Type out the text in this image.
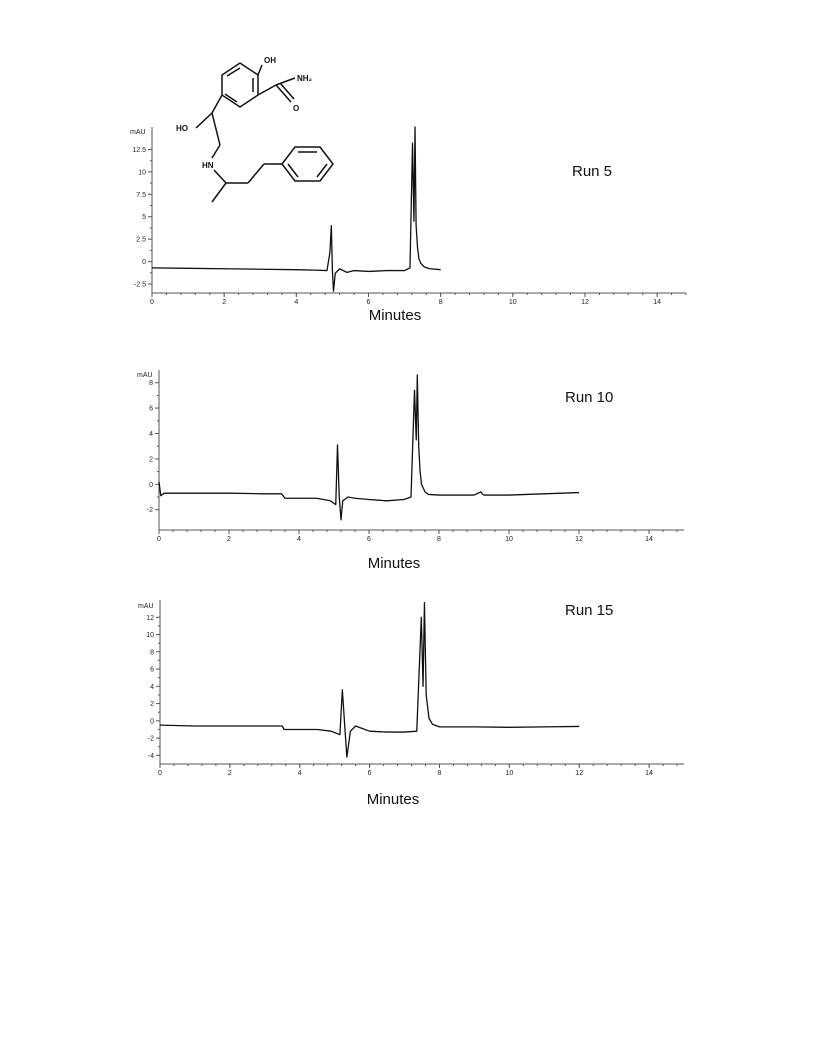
OH
NH₂
O
HO
HN
mAU
-2.5
0
2.5
5
7.5
10
12.5
0	2	4	6	8	10	12	14
Minutes
Run 5
mAU
-2
0
2
4
6
8
0	2	4	6	8	10	12	14
Minutes
Run 10
mAU
-4
-2
0
2
4
6
8
10
12
0	2	4	6	8	10	12	14
Minutes
Run 15
